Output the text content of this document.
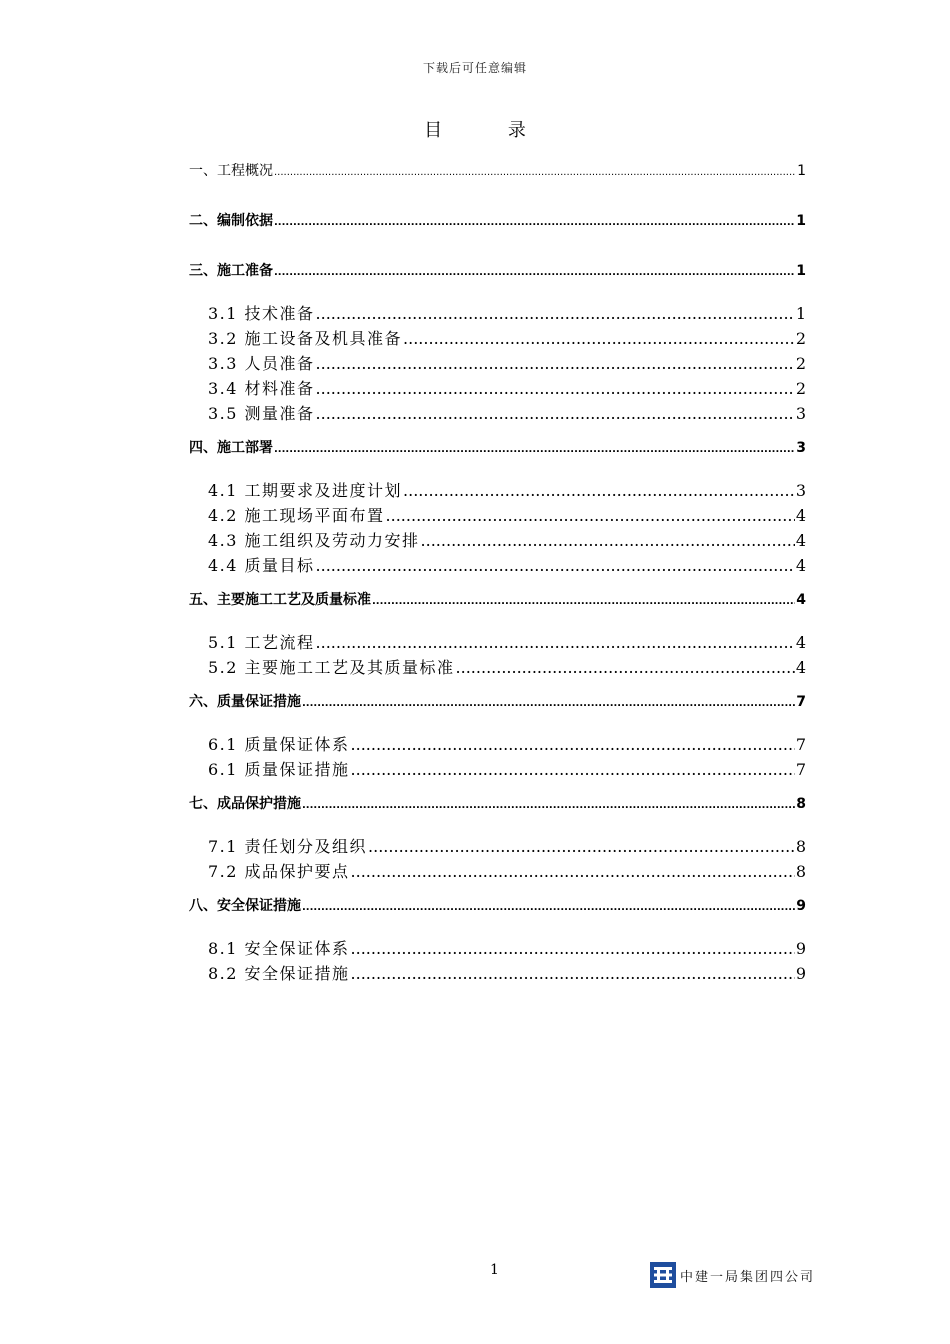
下载后可任意编辑
目 录
一、工程概况 .....	1
二、编制依据 .....	1
三、施工准备 .....	1
3.1 技术准备 .....	1
3.2 施工设备及机具准备 .....	2
3.3 人员准备 .....	2
3.4 材料准备 .....	2
3.5 测量准备 .....	3
四、施工部署 .....	3
4.1 工期要求及进度计划 .....	3
4.2 施工现场平面布置 .....	4
4.3 施工组织及劳动力安排 .....	4
4.4 质量目标 .....	4
五、主要施工工艺及质量标准 .....	4
5.1 工艺流程 .....	4
5.2 主要施工工艺及其质量标准 .....	4
六、质量保证措施 .....	7
6.1 质量保证体系 .....	7
6.1 质量保证措施 .....	7
七、成品保护措施 .....	8
7.1 责任划分及组织 .....	8
7.2 成品保护要点 .....	8
八、安全保证措施 .....	9
8.1 安全保证体系 .....	9
8.2 安全保证措施 .....	9
1	中建一局集团四公司
